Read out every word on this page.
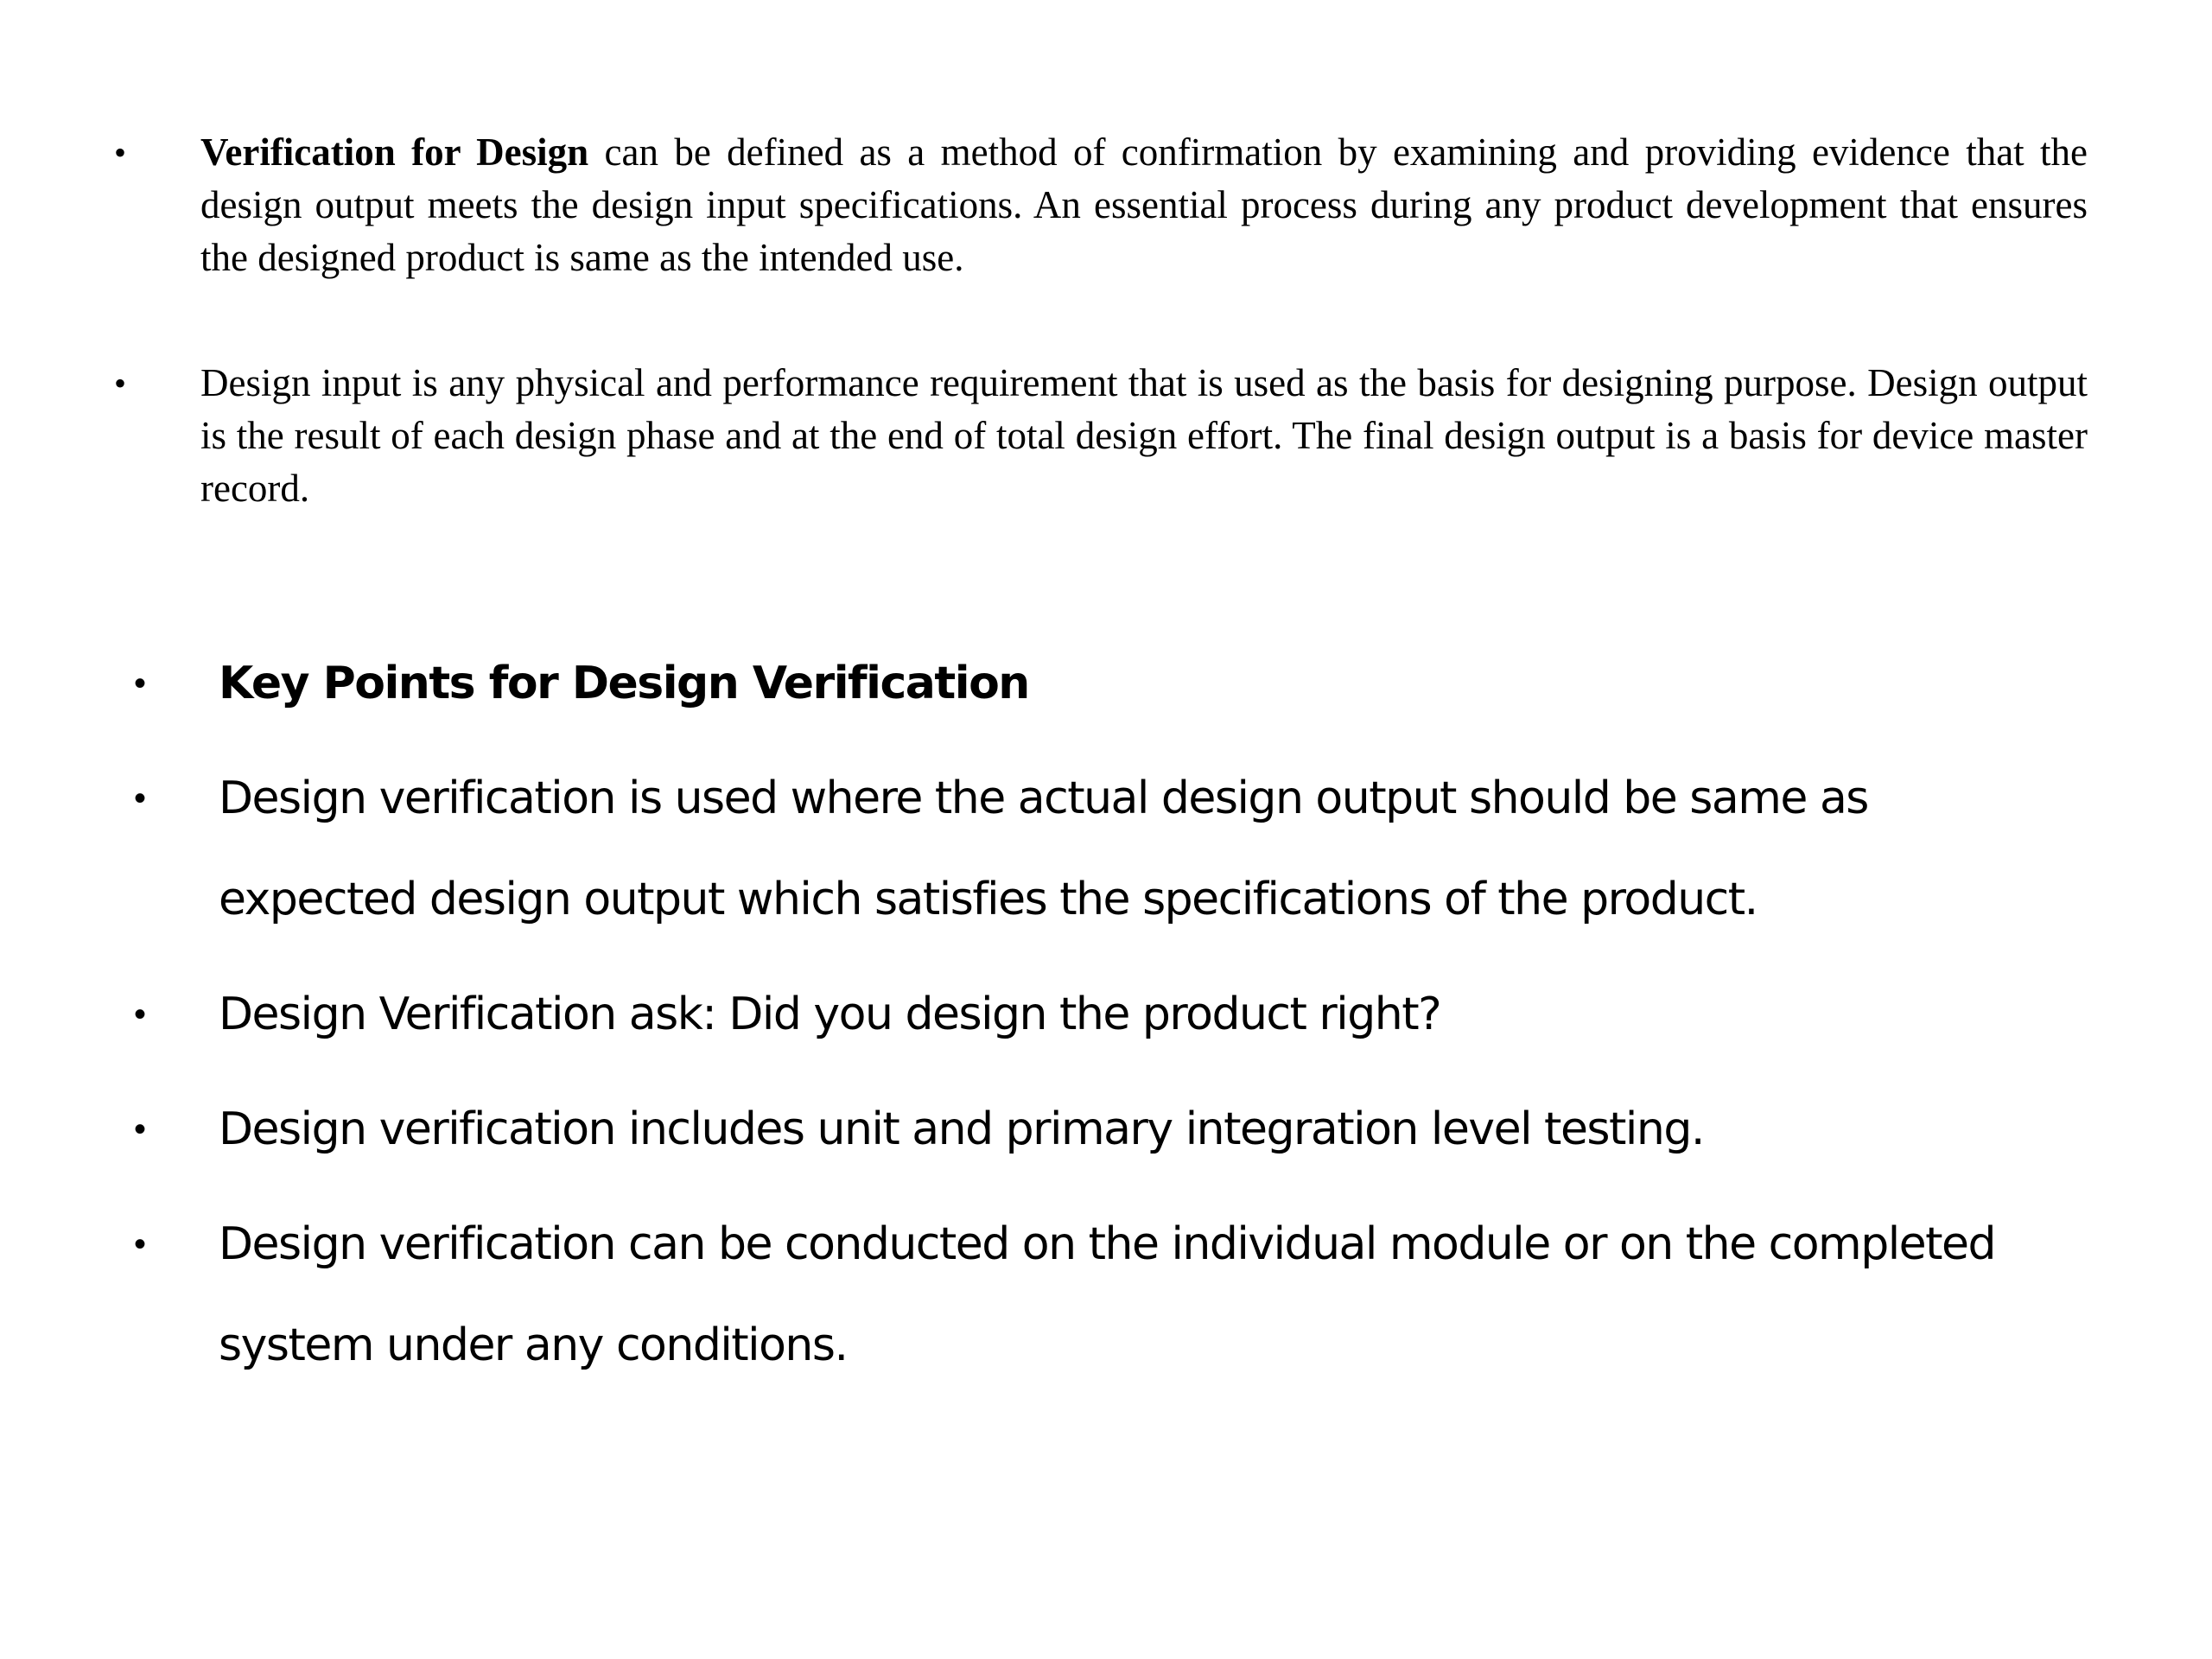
• Verification for Design can be defined as a method of confirmation by examining and providing evidence that the design output meets the design input specifications. An essential process during any product development that ensures the designed product is same as the intended use.
• Design input is any physical and performance requirement that is used as the basis for designing purpose. Design output is the result of each design phase and at the end of total design effort. The final design output is a basis for device master record.
• Key Points for Design Verification
• Design verification is used where the actual design output should be same as expected design output which satisfies the specifications of the product.
• Design Verification ask: Did you design the product right?
• Design verification includes unit and primary integration level testing.
• Design verification can be conducted on the individual module or on the completed system under any conditions.
